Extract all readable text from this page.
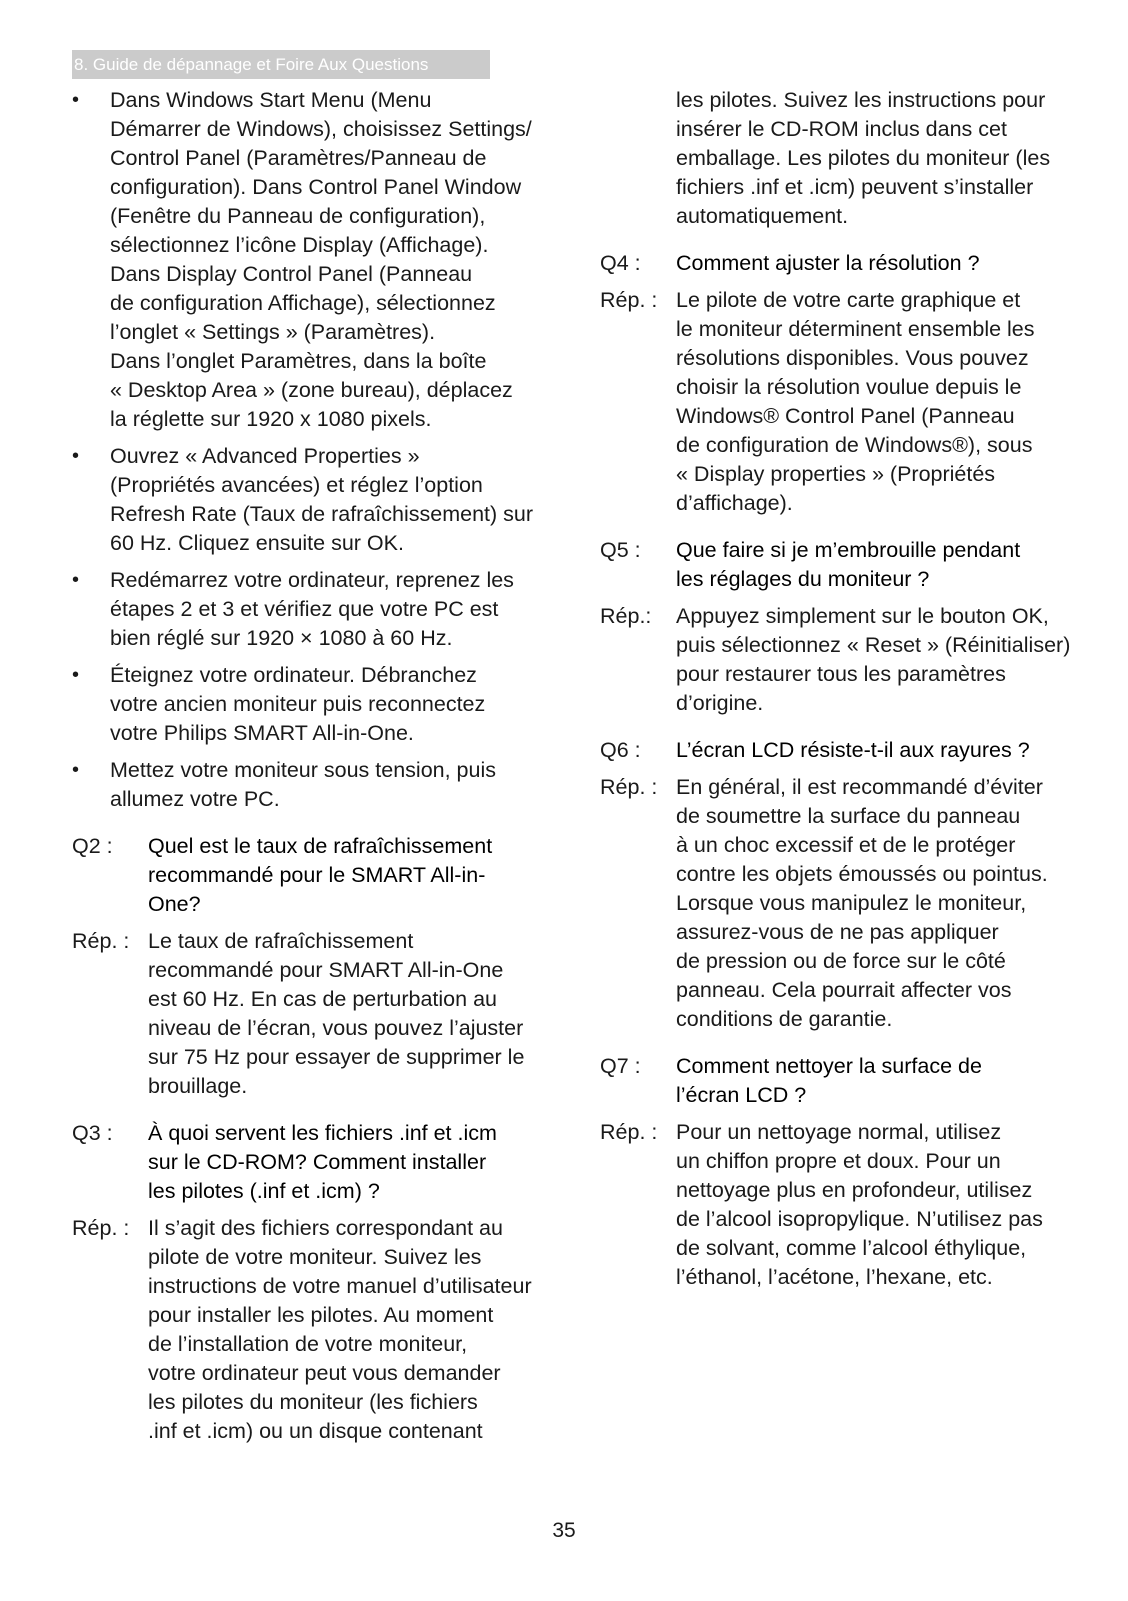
8. Guide de dépannage et Foire Aux Questions
• Dans Windows Start Menu (Menu
Démarrer de Windows), choisissez Settings/
Control Panel (Paramètres/Panneau de
configuration). Dans Control Panel Window
(Fenêtre du Panneau de configuration),
sélectionnez l’icône Display (Affichage).
Dans Display Control Panel (Panneau
de configuration Affichage), sélectionnez
l’onglet « Settings » (Paramètres).
Dans l’onglet Paramètres, dans la boîte
« Desktop Area » (zone bureau), déplacez
la réglette sur 1920 x 1080 pixels.
• Ouvrez « Advanced Properties »
(Propriétés avancées) et réglez l’option
Refresh Rate (Taux de rafraîchissement) sur
60 Hz. Cliquez ensuite sur OK.
• Redémarrez votre ordinateur, reprenez les
étapes 2 et 3 et vérifiez que votre PC est
bien réglé sur 1920 × 1080 à 60 Hz.
• Éteignez votre ordinateur. Débranchez
votre ancien moniteur puis reconnectez
votre Philips SMART All-in-One.
• Mettez votre moniteur sous tension, puis
allumez votre PC.
Q2 :	Quel est le taux de rafraîchissement
recommandé pour le SMART All-in-
One?
Rép. : Le taux de rafraîchissement
recommandé pour SMART All-in-One
est 60 Hz. En cas de perturbation au
niveau de l’écran, vous pouvez l’ajuster
sur 75 Hz pour essayer de supprimer le
brouillage.
Q3 :	À quoi servent les fichiers .inf et .icm
sur le CD-ROM? Comment installer
les pilotes (.inf et .icm) ?
Rép. : Il s’agit des fichiers correspondant au
pilote de votre moniteur. Suivez les
instructions de votre manuel d’utilisateur
pour installer les pilotes. Au moment
de l’installation de votre moniteur,
votre ordinateur peut vous demander
les pilotes du moniteur (les fichiers
.inf et .icm) ou un disque contenant
les pilotes. Suivez les instructions pour
insérer le CD-ROM inclus dans cet
emballage. Les pilotes du moniteur (les
fichiers .inf et .icm) peuvent s’installer
automatiquement.
Q4 :	Comment ajuster la résolution ?
Rép. : Le pilote de votre carte graphique et
le moniteur déterminent ensemble les
résolutions disponibles. Vous pouvez
choisir la résolution voulue depuis le
Windows® Control Panel (Panneau
de configuration de Windows®), sous
« Display properties » (Propriétés
d’affichage).
Q5 :	Que faire si je m’embrouille pendant
les réglages du moniteur ?
Rép.:	Appuyez simplement sur le bouton OK,
puis sélectionnez « Reset » (Réinitialiser)
pour restaurer tous les paramètres
d’origine.
Q6 :	L’écran LCD résiste-t-il aux rayures ?
Rép. : En général, il est recommandé d’éviter
de soumettre la surface du panneau
à un choc excessif et de le protéger
contre les objets émoussés ou pointus.
Lorsque vous manipulez le moniteur,
assurez-vous de ne pas appliquer
de pression ou de force sur le côté
panneau. Cela pourrait affecter vos
conditions de garantie.
Q7 :	Comment nettoyer la surface de
l’écran LCD ?
Rép. : Pour un nettoyage normal, utilisez
un chiffon propre et doux. Pour un
nettoyage plus en profondeur, utilisez
de l’alcool isopropylique. N’utilisez pas
de solvant, comme l’alcool éthylique,
l’éthanol, l’acétone, l’hexane, etc.
35
